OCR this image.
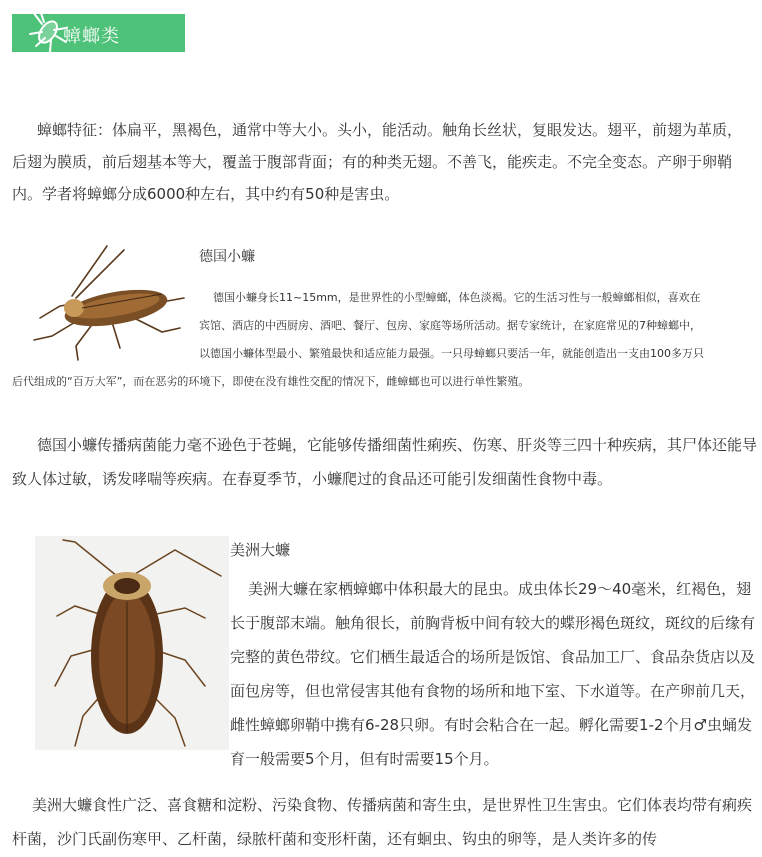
蟑螂类

蟑螂特征：体扁平，黑褐色，通常中等大小。头小，能活动。触角长丝状，复眼发达。翅平，前翅为革质，后翅为膜质，前后翅基本等大，覆盖于腹部背面；有的种类无翅。不善飞，能疾走。不完全变态。产卵于卵鞘内。学者将蟑螂分成6000种左右，其中约有50种是害虫。

德国小蠊

德国小蠊身长11~15mm，是世界性的小型蟑螂，体色淡褐。它的生活习性与一般蟑螂相似，喜欢在
宾馆、酒店的中西厨房、酒吧、餐厅、包房、家庭等场所活动。据专家统计，在家庭常见的7种蟑螂中，
以德国小蠊体型最小、繁殖最快和适应能力最强。一只母蟑螂只要活一年，就能创造出一支由100多万只
后代组成的“百万大军”，而在恶劣的环境下，即使在没有雄性交配的情况下，雌蟑螂也可以进行单性繁殖。

德国小蠊传播病菌能力毫不逊色于苍蝇，它能够传播细菌性痢疾、伤寒、肝炎等三四十种疾病，其尸体还能导致人体过敏，诱发哮喘等疾病。在春夏季节，小蠊爬过的食品还可能引发细菌性食物中毒。

美洲大蠊

美洲大蠊在家栖蟑螂中体积最大的昆虫。成虫体长29～40毫米，红褐色，翅长于腹部末端。触角很长，前胸背板中间有较大的蝶形褐色斑纹，斑纹的后缘有完整的黄色带纹。它们栖生最适合的场所是饭馆、食品加工厂、食品杂货店以及面包房等，但也常侵害其他有食物的场所和地下室、下水道等。在产卵前几天，雌性蟑螂卵鞘中携有6-28只卵。有时会粘合在一起。孵化需要1-2个月♂虫蛹发育一般需要5个月，但有时需要15个月。

美洲大蠊食性广泛、喜食糖和淀粉、污染食物、传播病菌和寄生虫，是世界性卫生害虫。它们体表均带有痢疾杆菌，沙门氏副伤寒甲、乙杆菌，绿脓杆菌和变形杆菌，还有蛔虫、钩虫的卵等，是人类许多的传
